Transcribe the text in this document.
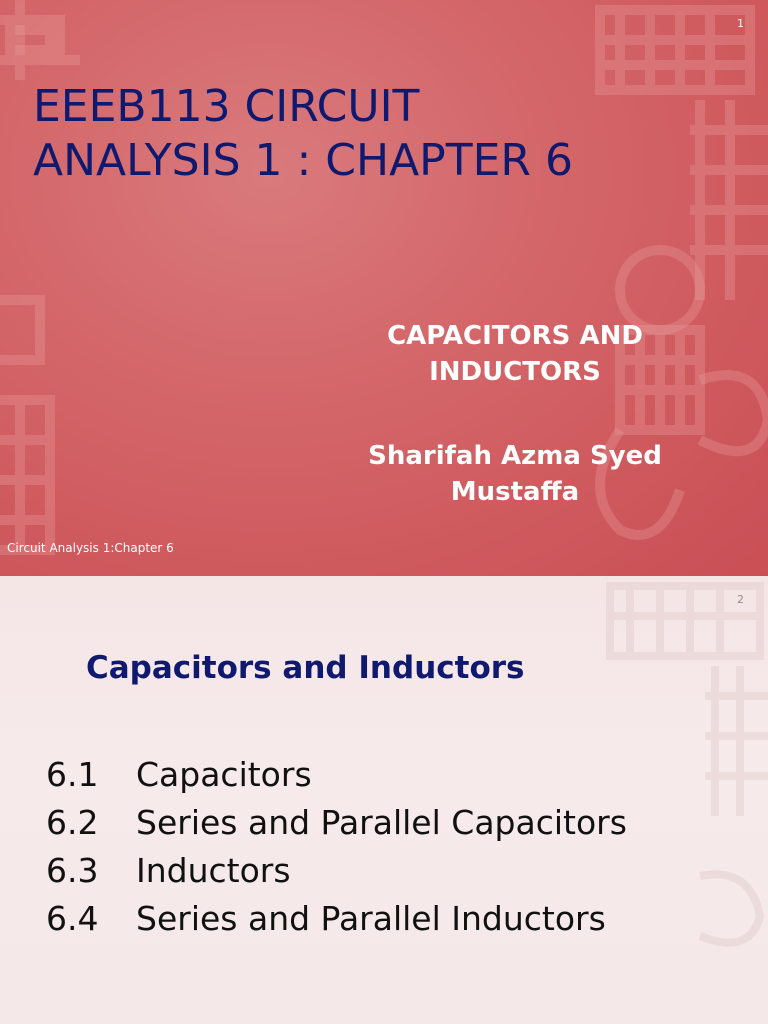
1
EEEB113 CIRCUIT
ANALYSIS 1 : CHAPTER 6
CAPACITORS AND
INDUCTORS
Sharifah Azma Syed
Mustaffa
Circuit Analysis 1:Chapter 6
2
Capacitors and Inductors
6.1 Capacitors
6.2 Series and Parallel Capacitors
6.3 Inductors
6.4 Series and Parallel Inductors
